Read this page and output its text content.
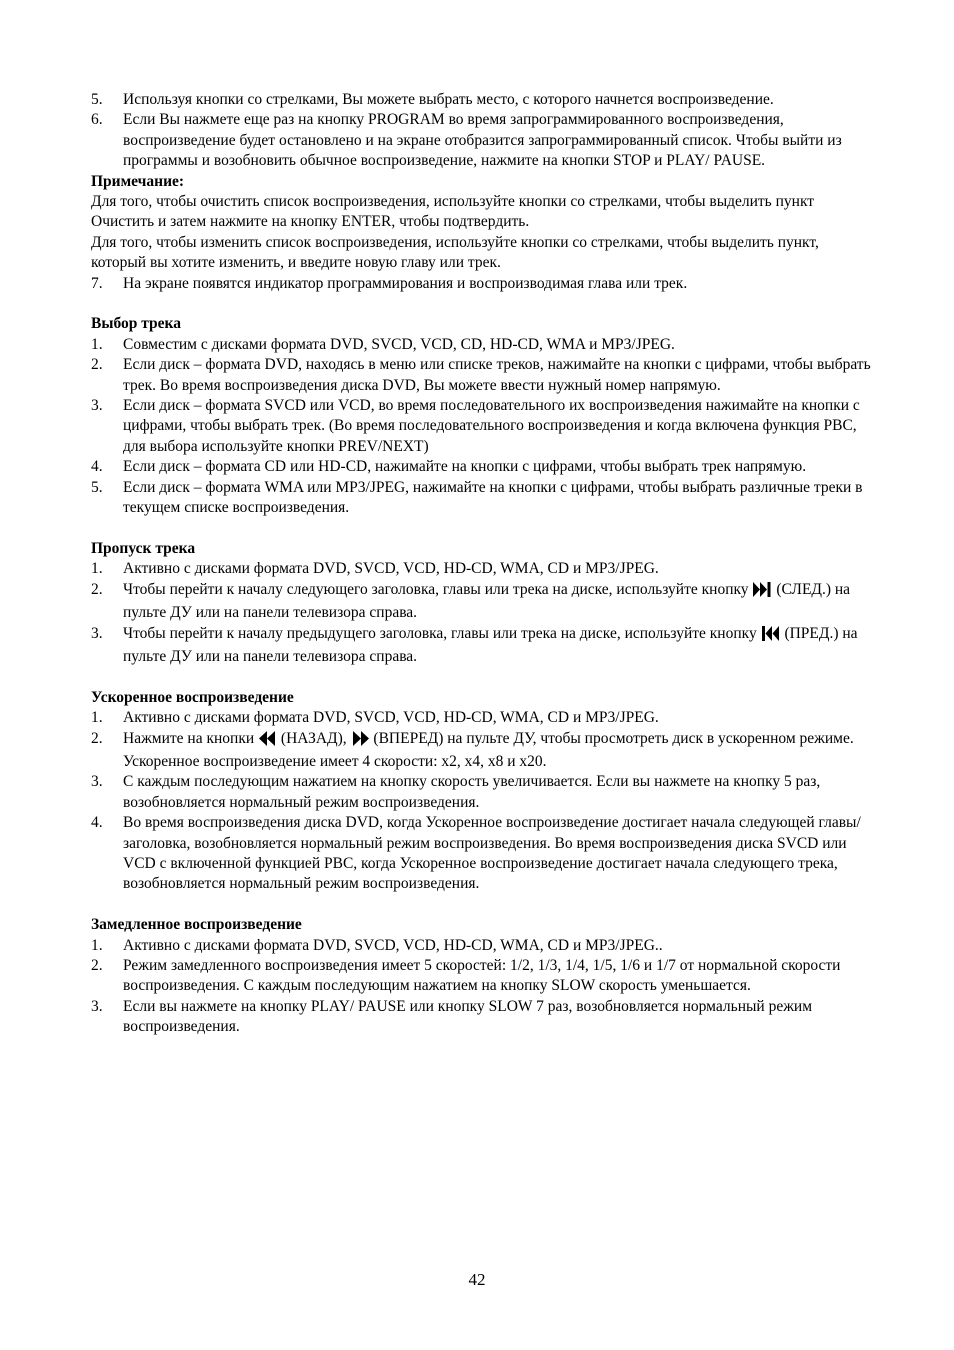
5.	Используя кнопки со стрелками, Вы можете выбрать место, с которого начнется воспроизведение.
6.	Если Вы нажмете еще раз на кнопку PROGRAM во время запрограммированного воспроизведения, воспроизведение будет остановлено и на экране отобразится запрограммированный список. Чтобы выйти из программы и возобновить обычное воспроизведение, нажмите на кнопки STOP и PLAY/ PAUSE.
Примечание:
Для того, чтобы очистить список воспроизведения, используйте кнопки со стрелками, чтобы выделить пункт Очистить и затем нажмите на кнопку ENTER, чтобы подтвердить.
Для того, чтобы изменить список воспроизведения, используйте кнопки со стрелками, чтобы выделить пункт, который вы хотите изменить, и введите новую главу или трек.
7.	На экране появятся индикатор программирования и воспроизводимая глава или трек.
Выбор трека
1.	Совместим с дисками формата DVD, SVCD, VCD, CD, HD-CD, WMA и MP3/JPEG.
2.	Если диск – формата DVD, находясь в меню или списке треков, нажимайте на кнопки с цифрами, чтобы выбрать трек. Во время воспроизведения диска DVD, Вы можете ввести нужный номер напрямую.
3.	Если диск – формата SVCD или VCD, во время последовательного их воспроизведения нажимайте на кнопки с цифрами, чтобы выбрать трек. (Во время последовательного воспроизведения и когда включена функция PBC, для выбора используйте кнопки PREV/NEXT)
4.	Если диск – формата CD или HD-CD, нажимайте на кнопки с цифрами, чтобы выбрать трек напрямую.
5.	Если диск – формата WMA или MP3/JPEG, нажимайте на кнопки с цифрами, чтобы выбрать различные треки в текущем списке воспроизведения.
Пропуск трека
1.	Активно с дисками формата DVD, SVCD, VCD, HD-CD, WMA, CD и MP3/JPEG.
2.	Чтобы перейти к началу следующего заголовка, главы или трека на диске, используйте кнопку  (СЛЕД.) на пульте ДУ или на панели телевизора справа.
3.	Чтобы перейти к началу предыдущего заголовка, главы или трека на диске, используйте кнопку  (ПРЕД.) на пульте ДУ или на панели телевизора справа.
Ускоренное воспроизведение
1.	Активно с дисками формата DVD, SVCD, VCD, HD-CD, WMA, CD и MP3/JPEG.
2.	Нажмите на кнопки  (НАЗАД),  (ВПЕРЕД) на пульте ДУ, чтобы просмотреть диск в ускоренном режиме. Ускоренное воспроизведение имеет 4 скорости: x2, x4, x8 и x20.
3.	С каждым последующим нажатием на кнопку скорость увеличивается. Если вы нажмете на кнопку 5 раз, возобновляется нормальный режим воспроизведения.
4.	Во время воспроизведения диска DVD, когда Ускоренное воспроизведение достигает начала следующей главы/ заголовка, возобновляется нормальный режим воспроизведения. Во время воспроизведения диска SVCD или VCD с включенной функцией PBC, когда Ускоренное воспроизведение достигает начала следующего трека, возобновляется нормальный режим воспроизведения.
Замедленное воспроизведение
1.	Активно с дисками формата DVD, SVCD, VCD, HD-CD, WMA, CD и MP3/JPEG..
2.	Режим замедленного воспроизведения имеет 5 скоростей: 1/2, 1/3, 1/4, 1/5, 1/6 и 1/7 от нормальной скорости воспроизведения. С каждым последующим нажатием на кнопку SLOW скорость уменьшается.
3.	Если вы нажмете на кнопку PLAY/ PAUSE или кнопку SLOW 7 раз, возобновляется нормальный режим воспроизведения.
42
